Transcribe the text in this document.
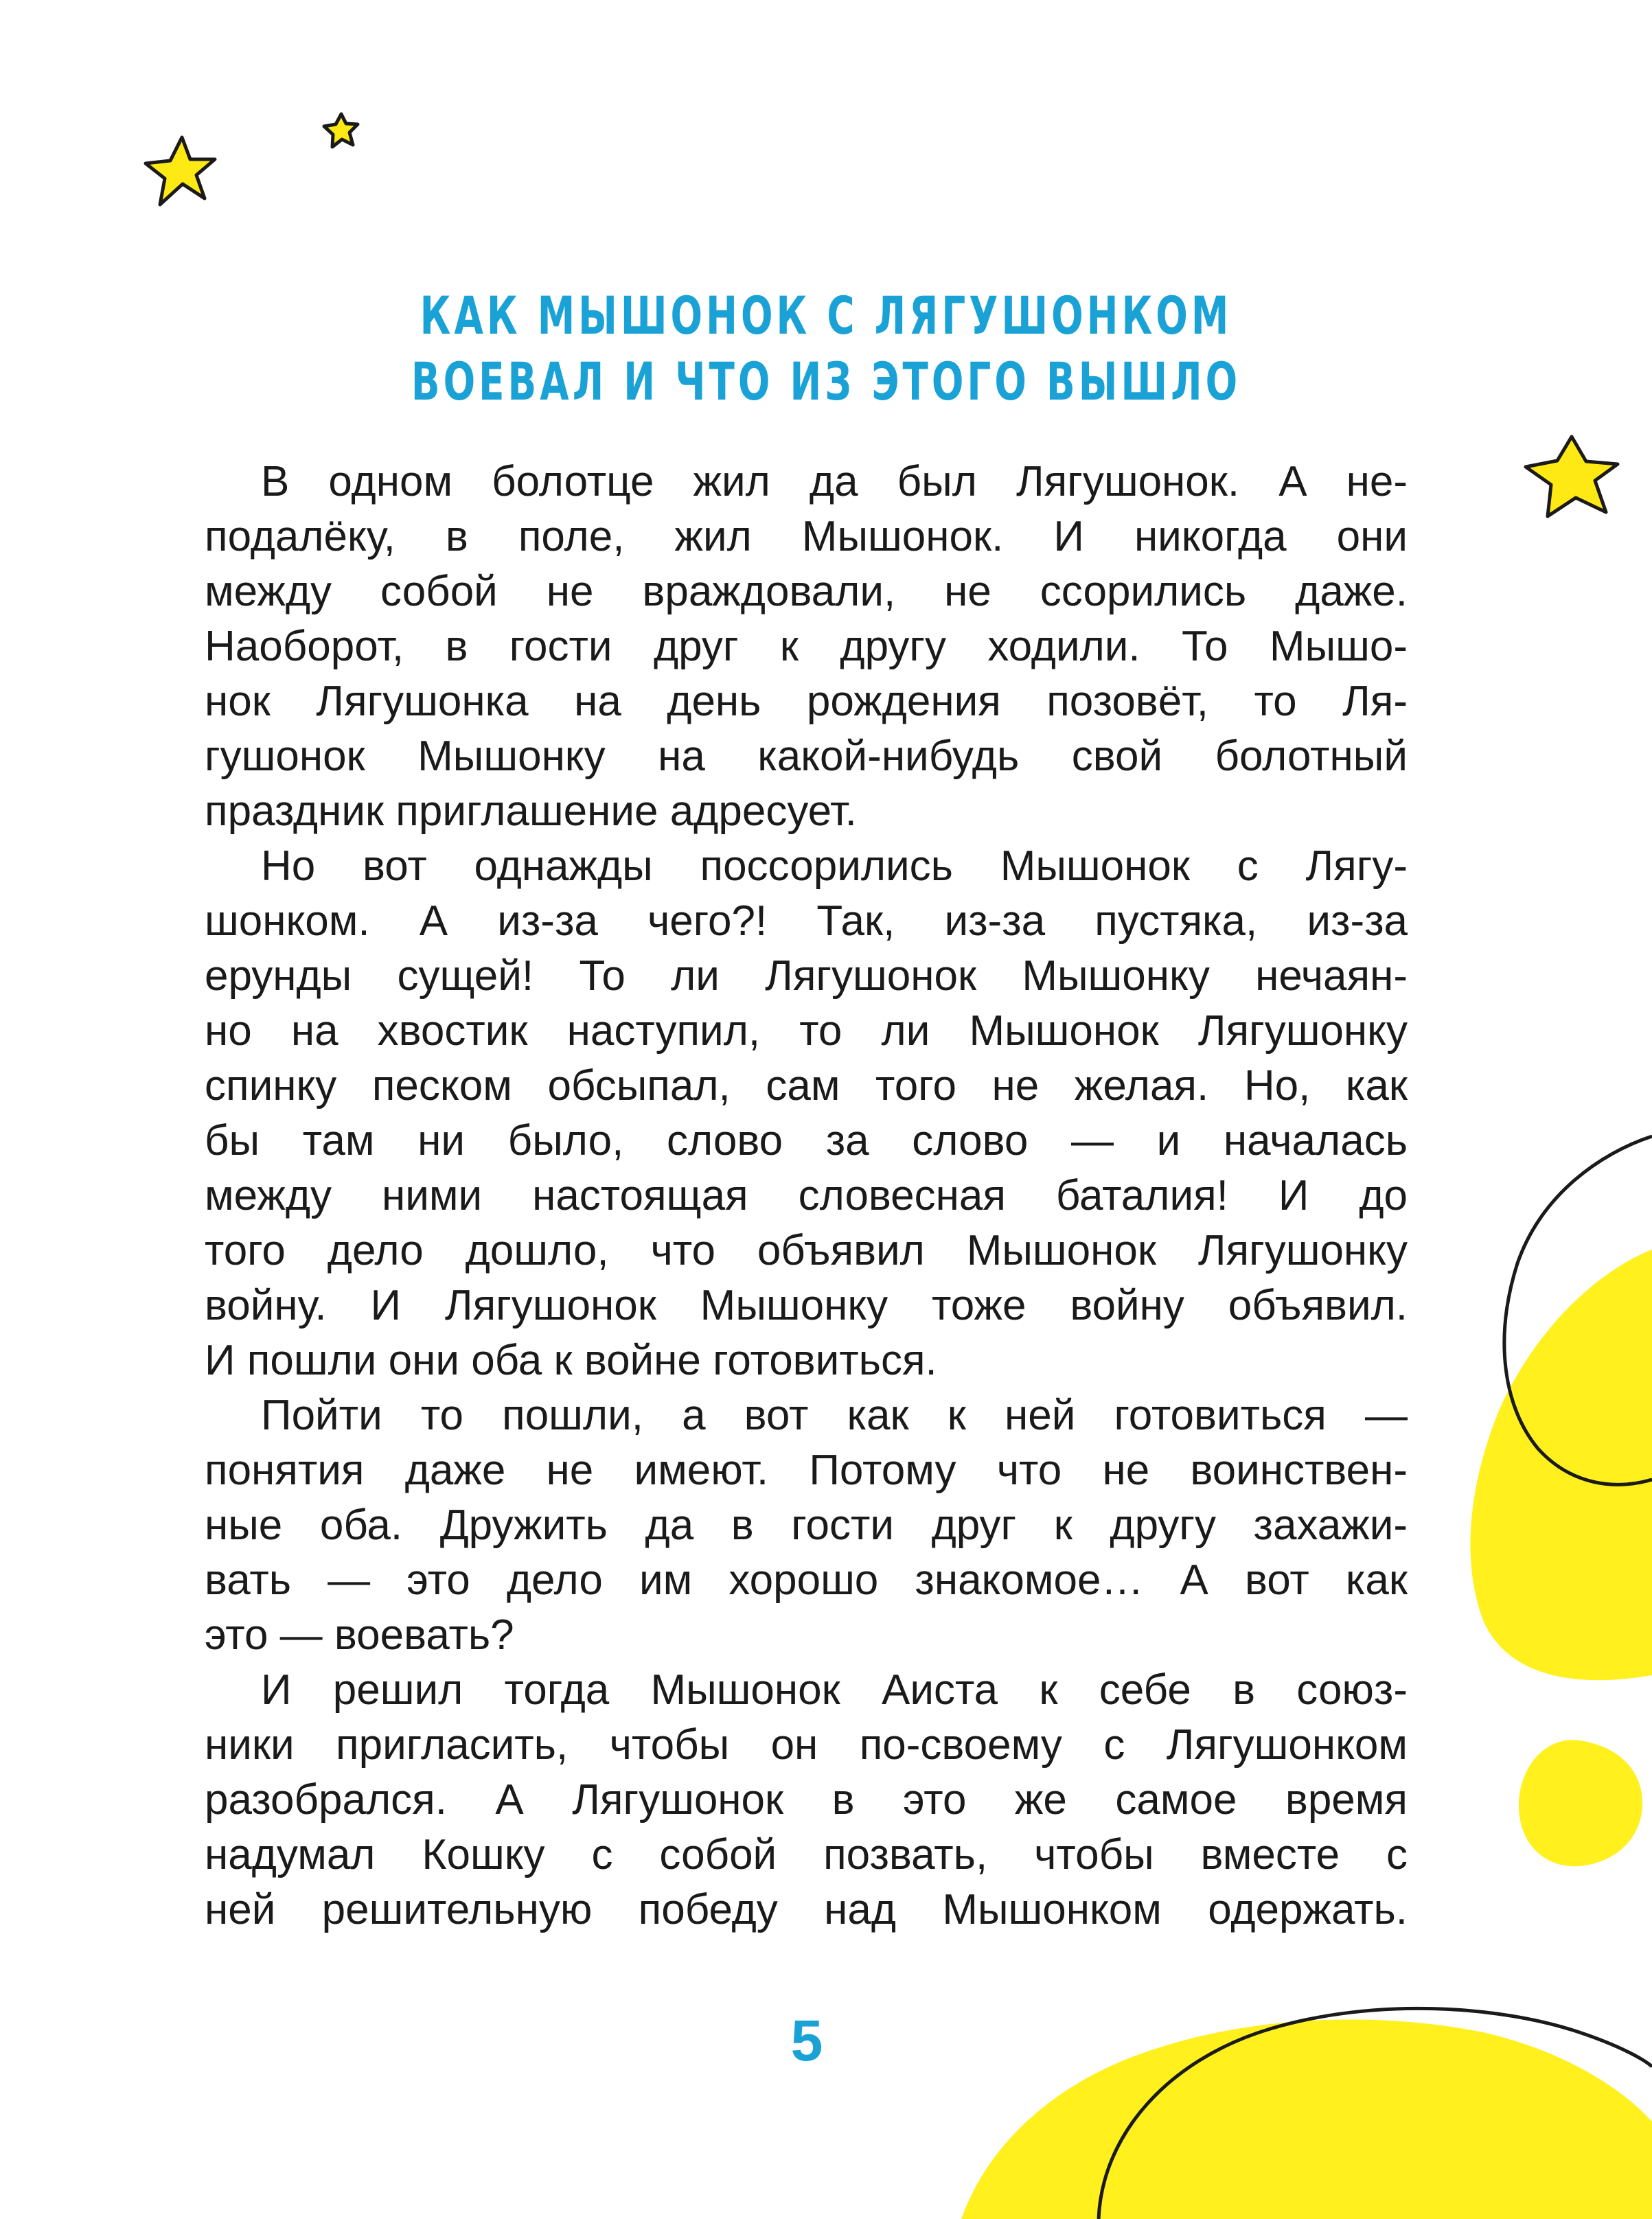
КАК МЫШОНОК С ЛЯГУШОНКОМ
ВОЕВАЛ И ЧТО ИЗ ЭТОГО ВЫШЛО
В одном болотце жил да был Лягушонок. А не-
подалёку, в поле, жил Мышонок. И никогда они
между собой не враждовали, не ссорились даже.
Наоборот, в гости друг к другу ходили. То Мышо-
нок Лягушонка на день рождения позовёт, то Ля-
гушонок Мышонку на какой-нибудь свой болотный
праздник приглашение адресует.
Но вот однажды поссорились Мышонок с Лягу-
шонком. А из-за чего?! Так, из-за пустяка, из-за
ерунды сущей! То ли Лягушонок Мышонку нечаян-
но на хвостик наступил, то ли Мышонок Лягушонку
спинку песком обсыпал, сам того не желая. Но, как
бы там ни было, слово за слово — и началась
между ними настоящая словесная баталия! И до
того дело дошло, что объявил Мышонок Лягушонку
войну. И Лягушонок Мышонку тоже войну объявил.
И пошли они оба к войне готовиться.
Пойти то пошли, а вот как к ней готовиться —
понятия даже не имеют. Потому что не воинствен-
ные оба. Дружить да в гости друг к другу захажи-
вать — это дело им хорошо знакомое… А вот как
это — воевать?
И решил тогда Мышонок Аиста к себе в союз-
ники пригласить, чтобы он по-своему с Лягушонком
разобрался. А Лягушонок в это же самое время
надумал Кошку с собой позвать, чтобы вместе с
ней решительную победу над Мышонком одержать.
5
